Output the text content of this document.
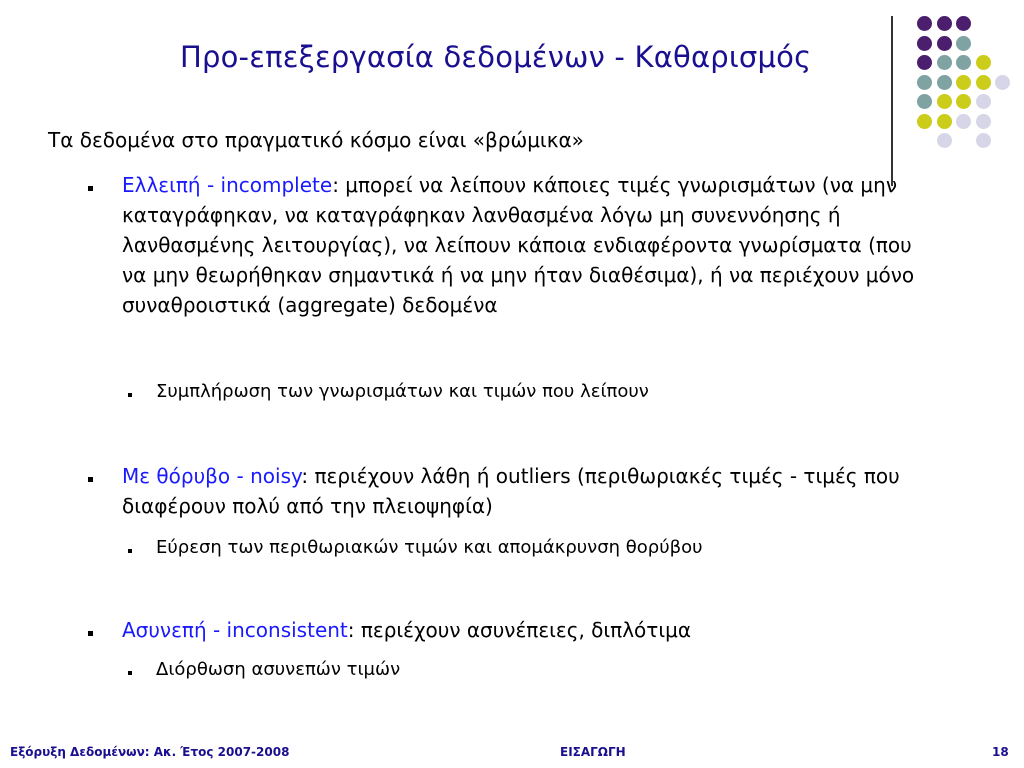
Προ-επεξεργασία δεδομένων - Καθαρισμός
Τα δεδομένα στο πραγματικό κόσμο είναι «βρώμικα»
Ελλειπή - incomplete: μπορεί να λείπουν κάποιες τιμές γνωρισμάτων (να μην καταγράφηκαν, να καταγράφηκαν λανθασμένα λόγω μη συνεννόησης ή λανθασμένης λειτουργίας), να λείπουν κάποια ενδιαφέροντα γνωρίσματα (που να μην θεωρήθηκαν σημαντικά ή να μην ήταν διαθέσιμα), ή να περιέχουν μόνο συναθροιστικά (aggregate) δεδομένα
Συμπλήρωση των γνωρισμάτων και τιμών που λείπουν
Με θόρυβο - noisy: περιέχουν λάθη ή outliers (περιθωριακές τιμές - τιμές που διαφέρουν πολύ από την πλειοψηφία)
Εύρεση των περιθωριακών τιμών και απομάκρυνση θορύβου
Ασυνεπή - inconsistent: περιέχουν ασυνέπειες, διπλότιμα
Διόρθωση ασυνεπών τιμών
Εξόρυξη Δεδομένων: Ακ. Έτος 2007-2008	ΕΙΣΑΓΩΓΗ	18
